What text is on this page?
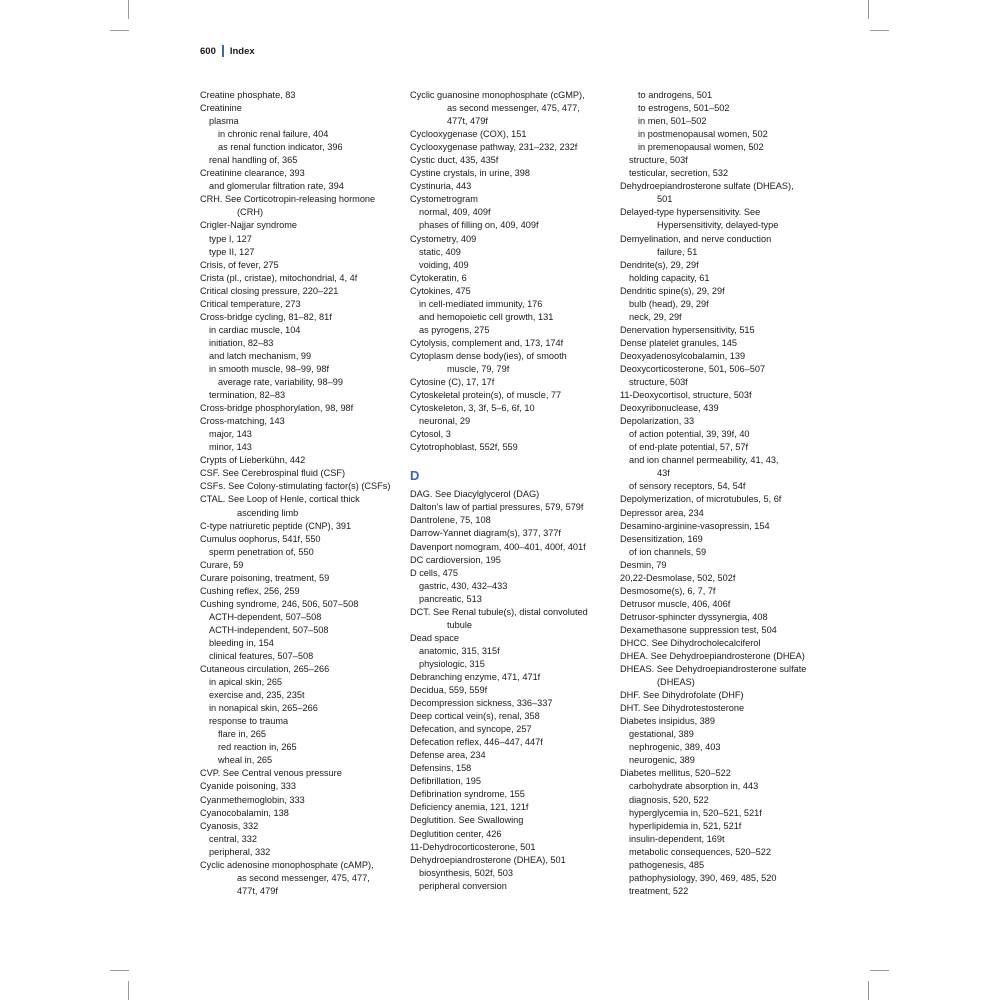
600 Index
Creatine phosphate, 83
Creatinine
plasma
in chronic renal failure, 404
as renal function indicator, 396
renal handling of, 365
Creatinine clearance, 393
and glomerular filtration rate, 394
CRH. See Corticotropin-releasing hormone
(CRH)
Crigler-Najjar syndrome
type I, 127
type II, 127
Crisis, of fever, 275
Crista (pl., cristae), mitochondrial, 4, 4f
Critical closing pressure, 220–221
Critical temperature, 273
Cross-bridge cycling, 81–82, 81f
in cardiac muscle, 104
initiation, 82–83
and latch mechanism, 99
in smooth muscle, 98–99, 98f
average rate, variability, 98–99
termination, 82–83
Cross-bridge phosphorylation, 98, 98f
Cross-matching, 143
major, 143
minor, 143
Crypts of Lieberkühn, 442
CSF. See Cerebrospinal fluid (CSF)
CSFs. See Colony-stimulating factor(s) (CSFs)
CTAL. See Loop of Henle, cortical thick
ascending limb
C-type natriuretic peptide (CNP), 391
Cumulus oophorus, 541f, 550
sperm penetration of, 550
Curare, 59
Curare poisoning, treatment, 59
Cushing reflex, 256, 259
Cushing syndrome, 246, 506, 507–508
ACTH-dependent, 507–508
ACTH-independent, 507–508
bleeding in, 154
clinical features, 507–508
Cutaneous circulation, 265–266
in apical skin, 265
exercise and, 235, 235t
in nonapical skin, 265–266
response to trauma
flare in, 265
red reaction in, 265
wheal in, 265
CVP. See Central venous pressure
Cyanide poisoning, 333
Cyanmethemoglobin, 333
Cyanocobalamin, 138
Cyanosis, 332
central, 332
peripheral, 332
Cyclic adenosine monophosphate (cAMP),
as second messenger, 475, 477,
477t, 479f
Cyclic guanosine monophosphate (cGMP),
as second messenger, 475, 477,
477t, 479f
Cyclooxygenase (COX), 151
Cyclooxygenase pathway, 231–232, 232f
Cystic duct, 435, 435f
Cystine crystals, in urine, 398
Cystinuria, 443
Cystometrogram
normal, 409, 409f
phases of filling on, 409, 409f
Cystometry, 409
static, 409
voiding, 409
Cytokeratin, 6
Cytokines, 475
in cell-mediated immunity, 176
and hemopoietic cell growth, 131
as pyrogens, 275
Cytolysis, complement and, 173, 174f
Cytoplasm dense body(ies), of smooth
muscle, 79, 79f
Cytosine (C), 17, 17f
Cytoskeletal protein(s), of muscle, 77
Cytoskeleton, 3, 3f, 5–6, 6f, 10
neuronal, 29
Cytosol, 3
Cytotrophoblast, 552f, 559
D
DAG. See Diacylglycerol (DAG)
Dalton’s law of partial pressures, 579, 579f
Dantrolene, 75, 108
Darrow-Yannet diagram(s), 377, 377f
Davenport nomogram, 400–401, 400f, 401f
DC cardioversion, 195
D cells, 475
gastric, 430, 432–433
pancreatic, 513
DCT. See Renal tubule(s), distal convoluted
tubule
Dead space
anatomic, 315, 315f
physiologic, 315
Debranching enzyme, 471, 471f
Decidua, 559, 559f
Decompression sickness, 336–337
Deep cortical vein(s), renal, 358
Defecation, and syncope, 257
Defecation reflex, 446–447, 447f
Defense area, 234
Defensins, 158
Defibrillation, 195
Defibrination syndrome, 155
Deficiency anemia, 121, 121f
Deglutition. See Swallowing
Deglutition center, 426
11-Dehydrocorticosterone, 501
Dehydroepiandrosterone (DHEA), 501
biosynthesis, 502f, 503
peripheral conversion
to androgens, 501
to estrogens, 501–502
in men, 501–502
in postmenopausal women, 502
in premenopausal women, 502
structure, 503f
testicular, secretion, 532
Dehydroepiandrosterone sulfate (DHEAS),
501
Delayed-type hypersensitivity. See
Hypersensitivity, delayed-type
Demyelination, and nerve conduction
failure, 51
Dendrite(s), 29, 29f
holding capacity, 61
Dendritic spine(s), 29, 29f
bulb (head), 29, 29f
neck, 29, 29f
Denervation hypersensitivity, 515
Dense platelet granules, 145
Deoxyadenosylcobalamin, 139
Deoxycorticosterone, 501, 506–507
structure, 503f
11-Deoxycortisol, structure, 503f
Deoxyribonuclease, 439
Depolarization, 33
of action potential, 39, 39f, 40
of end-plate potential, 57, 57f
and ion channel permeability, 41, 43,
43f
of sensory receptors, 54, 54f
Depolymerization, of microtubules, 5, 6f
Depressor area, 234
Desamino-arginine-vasopressin, 154
Desensitization, 169
of ion channels, 59
Desmin, 79
20,22-Desmolase, 502, 502f
Desmosome(s), 6, 7, 7f
Detrusor muscle, 406, 406f
Detrusor-sphincter dyssynergia, 408
Dexamethasone suppression test, 504
DHCC. See Dihydrocholecalciferol
DHEA. See Dehydroepiandrosterone (DHEA)
DHEAS. See Dehydroepiandrosterone sulfate
(DHEAS)
DHF. See Dihydrofolate (DHF)
DHT. See Dihydrotestosterone
Diabetes insipidus, 389
gestational, 389
nephrogenic, 389, 403
neurogenic, 389
Diabetes mellitus, 520–522
carbohydrate absorption in, 443
diagnosis, 520, 522
hyperglycemia in, 520–521, 521f
hyperlipidemia in, 521, 521f
insulin-dependent, 169t
metabolic consequences, 520–522
pathogenesis, 485
pathophysiology, 390, 469, 485, 520
treatment, 522
